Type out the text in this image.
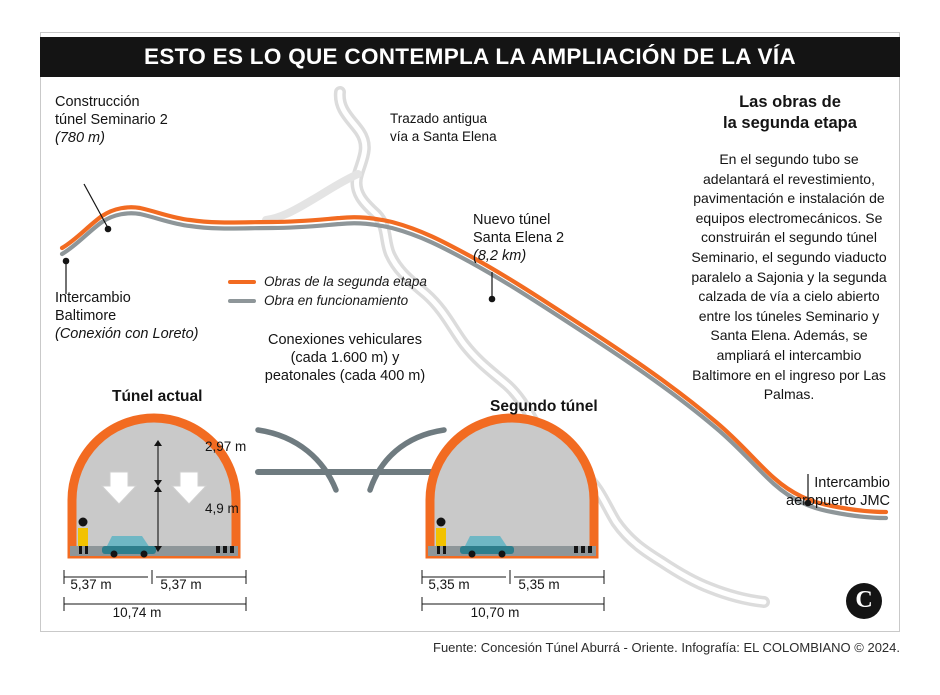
ESTO ES LO QUE CONTEMPLA LA AMPLIACIÓN DE LA VÍA
Construcción
túnel Seminario 2
(780 m)
Intercambio
Baltimore
(Conexión con Loreto)
Trazado antigua
vía a Santa Elena
Nuevo túnel
Santa Elena 2
(8,2 km)
Conexiones vehiculares
(cada 1.600 m) y
peatonales (cada 400 m)
Intercambio
aeropuerto JMC
Obras de la segunda etapa
Obra en funcionamiento
Las obras de
la segunda etapa
En el segundo tubo se adelantará el revestimiento, pavimentación e instalación de equipos electromecánicos. Se construirán el segundo túnel Seminario, el segundo viaducto paralelo a Sajonia y la segunda calzada de vía a cielo abierto entre los túneles Seminario y Santa Elena. Además, se ampliará el intercambio Baltimore en el ingreso por Las Palmas.
Túnel actual
Segundo túnel
2,97 m
4,9 m
5,37 m	5,37 m
10,74 m
5,35 m	5,35 m
10,70 m	C
Fuente: Concesión Túnel Aburrá - Oriente. Infografía: EL COLOMBIANO © 2024.
